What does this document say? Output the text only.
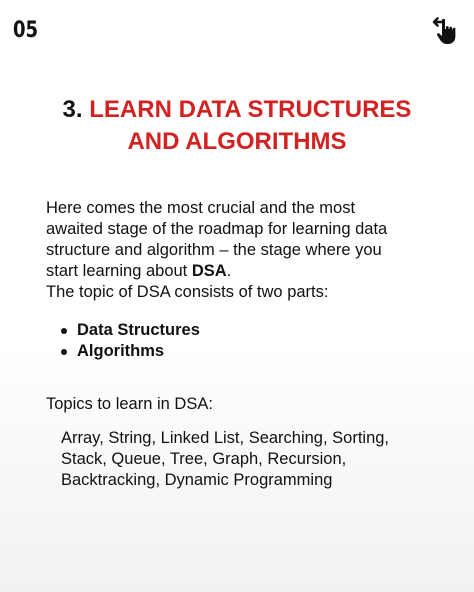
05
3. LEARN DATA STRUCTURES
AND ALGORITHMS

Here comes the most crucial and the most

awaited stage of the roadmap for learning data

structure and algorithm – the stage where you

start learning about DSA.

The topic of DSA consists of two parts:

Data Structures
Algorithms
Topics to learn in DSA:
Array, String, Linked List, Searching, Sorting,
Stack, Queue, Tree, Graph, Recursion,
Backtracking, Dynamic Programming
